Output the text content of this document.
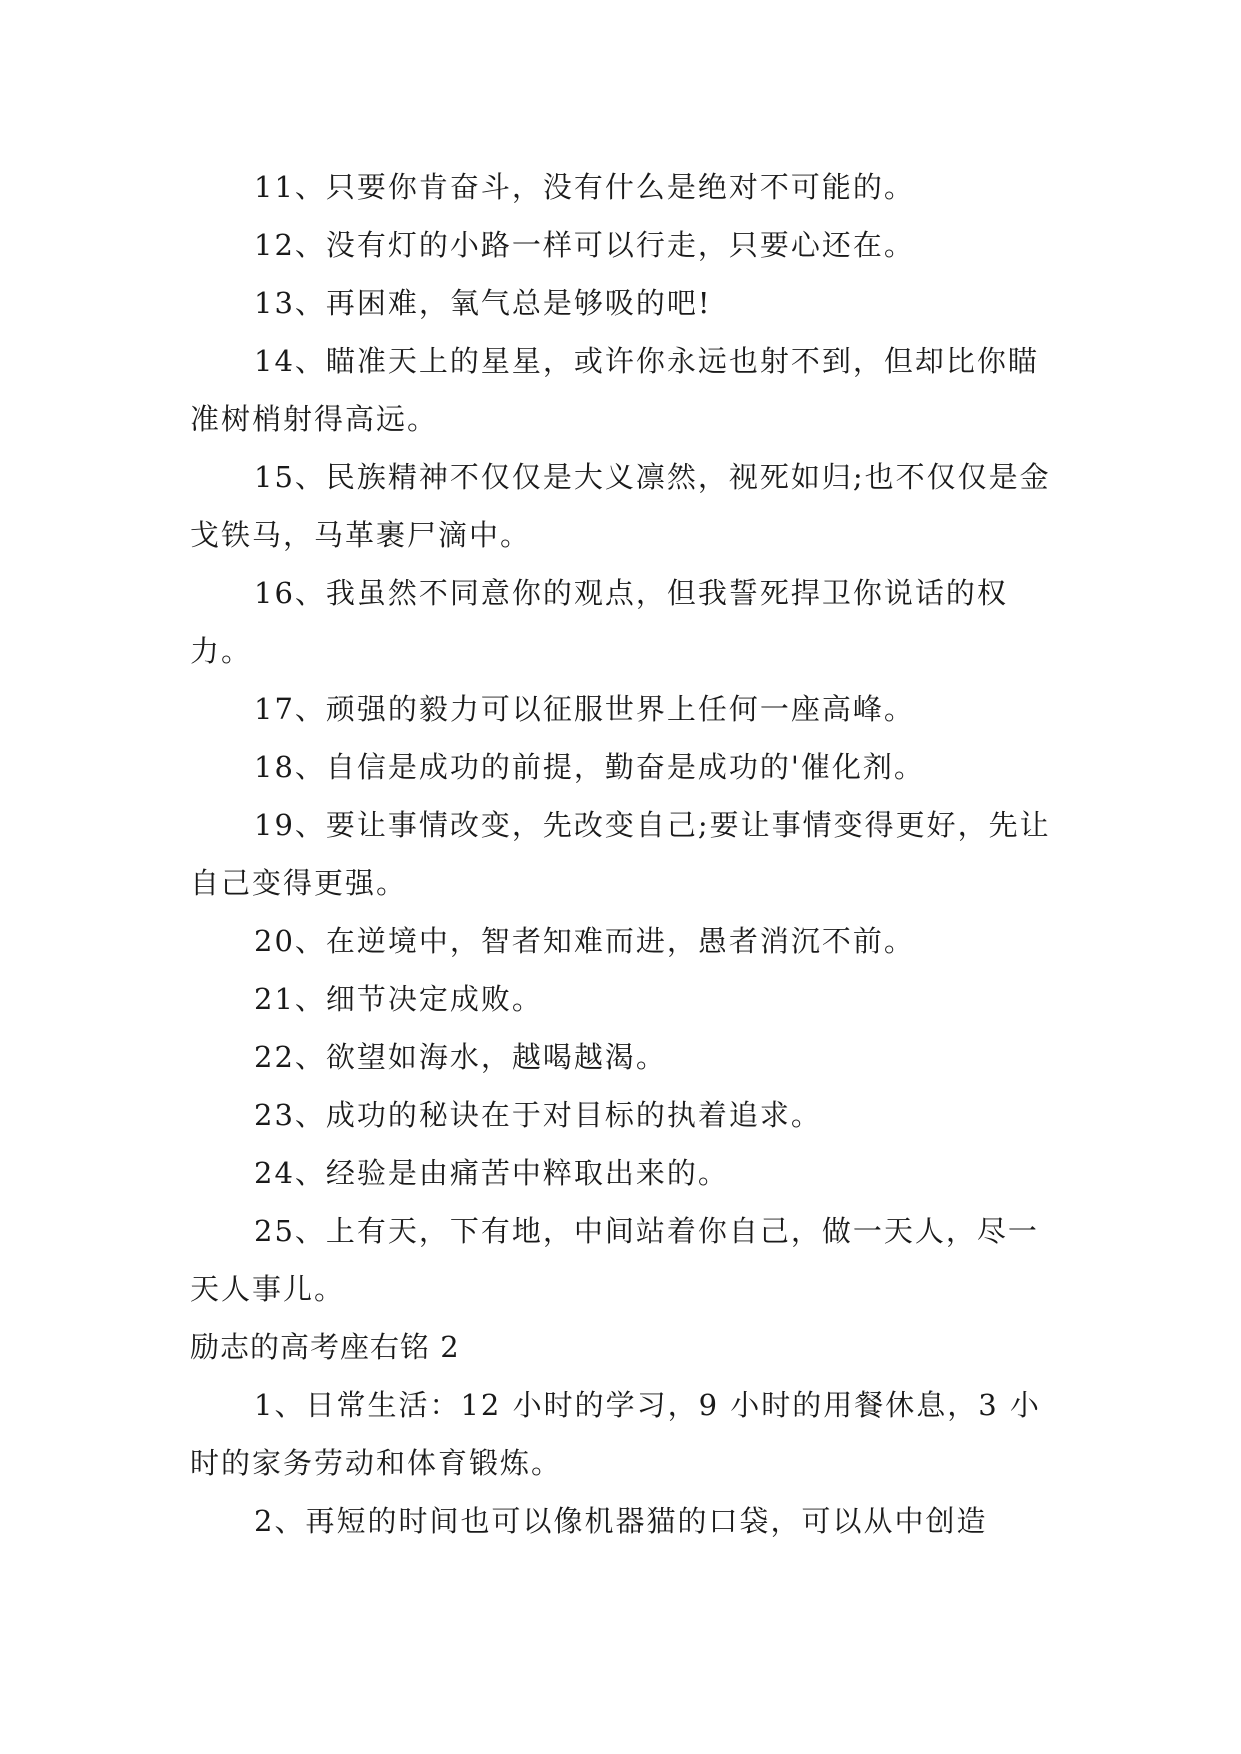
11、只要你肯奋斗，没有什么是绝对不可能的。

12、没有灯的小路一样可以行走，只要心还在。

13、再困难，氧气总是够吸的吧!

14、瞄准天上的星星，或许你永远也射不到，但却比你瞄准树梢射得高远。

15、民族精神不仅仅是大义凛然，视死如归;也不仅仅是金戈铁马，马革裹尸滴中。

16、我虽然不同意你的观点，但我誓死捍卫你说话的权力。

17、顽强的毅力可以征服世界上任何一座高峰。

18、自信是成功的前提，勤奋是成功的'催化剂。

19、要让事情改变，先改变自己;要让事情变得更好，先让自己变得更强。

20、在逆境中，智者知难而进，愚者消沉不前。

21、细节决定成败。

22、欲望如海水，越喝越渴。

23、成功的秘诀在于对目标的执着追求。

24、经验是由痛苦中粹取出来的。

25、上有天，下有地，中间站着你自己，做一天人，尽一天人事儿。

励志的高考座右铭 2

1、日常生活：12 小时的学习，9 小时的用餐休息，3 小时的家务劳动和体育锻炼。

2、再短的时间也可以像机器猫的口袋，可以从中创造
